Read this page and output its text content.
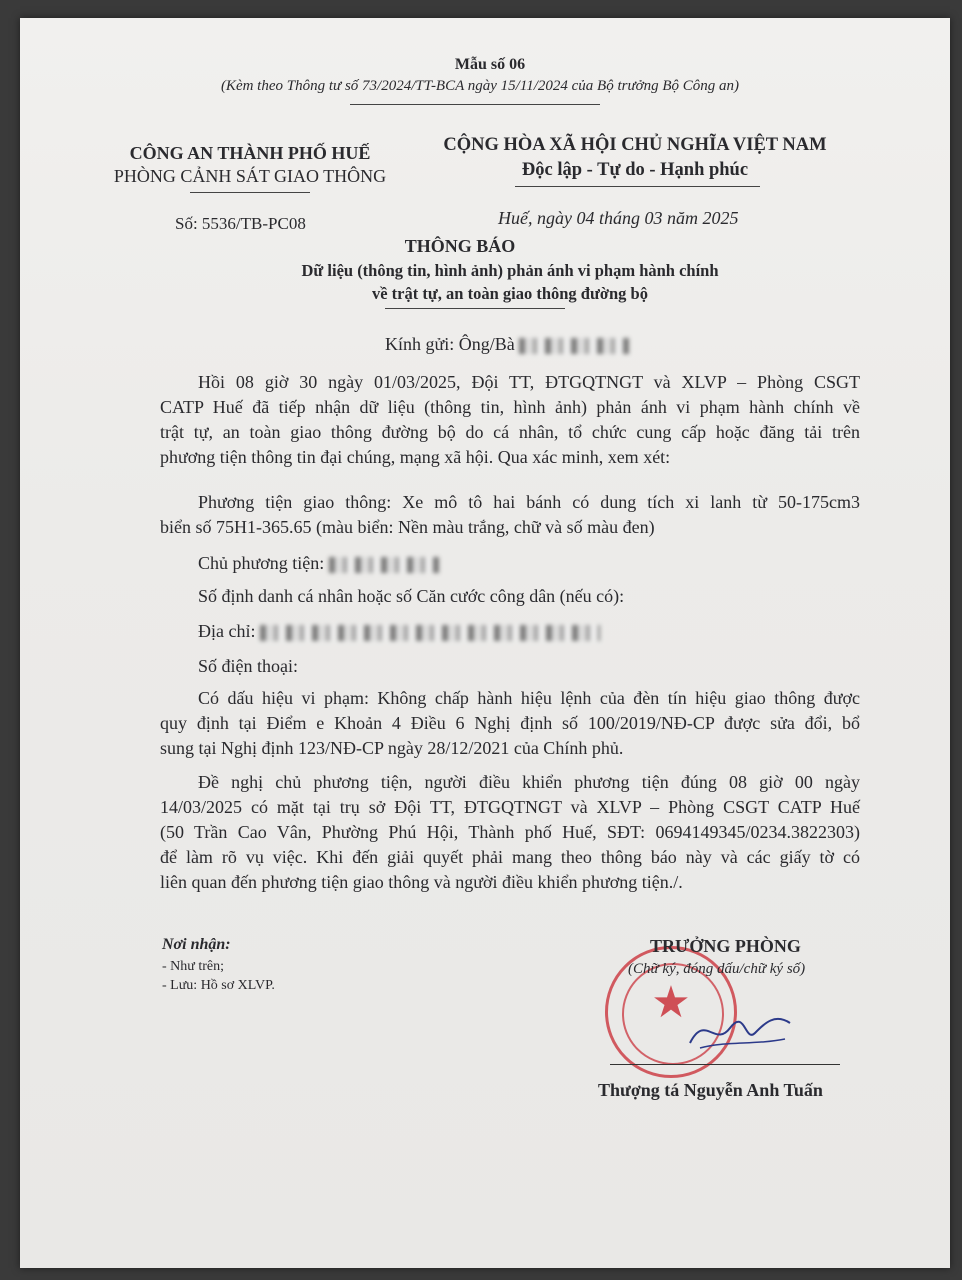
Mẫu số 06
(Kèm theo Thông tư số 73/2024/TT-BCA ngày 15/11/2024 của Bộ trưởng Bộ Công an)
CÔNG AN THÀNH PHỐ HUẾ
PHÒNG CẢNH SÁT GIAO THÔNG
CỘNG HÒA XÃ HỘI CHỦ NGHĨA VIỆT NAM
Độc lập - Tự do - Hạnh phúc
Số: 5536/TB-PC08	Huế, ngày 04 tháng 03 năm 2025
THÔNG BÁO
Dữ liệu (thông tin, hình ảnh) phản ánh vi phạm hành chính
về trật tự, an toàn giao thông đường bộ
Kính gửi: Ông/Bà
Hồi 08 giờ 30 ngày 01/03/2025, Đội TT, ĐTGQTNGT và XLVP – Phòng CSGT
CATP Huế đã tiếp nhận dữ liệu (thông tin, hình ảnh) phản ánh vi phạm hành chính về
trật tự, an toàn giao thông đường bộ do cá nhân, tổ chức cung cấp hoặc đăng tải trên
phương tiện thông tin đại chúng, mạng xã hội. Qua xác minh, xem xét:
Phương tiện giao thông: Xe mô tô hai bánh có dung tích xi lanh từ 50-175cm3
biển số 75H1-365.65 (màu biển: Nền màu trắng, chữ và số màu đen)
Chủ phương tiện:
Số định danh cá nhân hoặc số Căn cước công dân (nếu có):
Địa chỉ:
Số điện thoại:
Có dấu hiệu vi phạm: Không chấp hành hiệu lệnh của đèn tín hiệu giao thông được
quy định tại Điểm e Khoản 4 Điều 6 Nghị định số 100/2019/NĐ-CP được sửa đổi, bổ
sung tại Nghị định 123/NĐ-CP ngày 28/12/2021 của Chính phủ.
Đề nghị chủ phương tiện, người điều khiển phương tiện đúng 08 giờ 00 ngày
14/03/2025 có mặt tại trụ sở Đội TT, ĐTGQTNGT và XLVP – Phòng CSGT CATP Huế
(50 Trần Cao Vân, Phường Phú Hội, Thành phố Huế, SĐT: 0694149345/0234.3822303)
để làm rõ vụ việc. Khi đến giải quyết phải mang theo thông báo này và các giấy tờ có
liên quan đến phương tiện giao thông và người điều khiển phương tiện./.
Nơi nhận:
- Như trên;
- Lưu: Hồ sơ XLVP.	★
TRƯỞNG PHÒNG
(Chữ ký, đóng dấu/chữ ký số)
Thượng tá Nguyễn Anh Tuấn
